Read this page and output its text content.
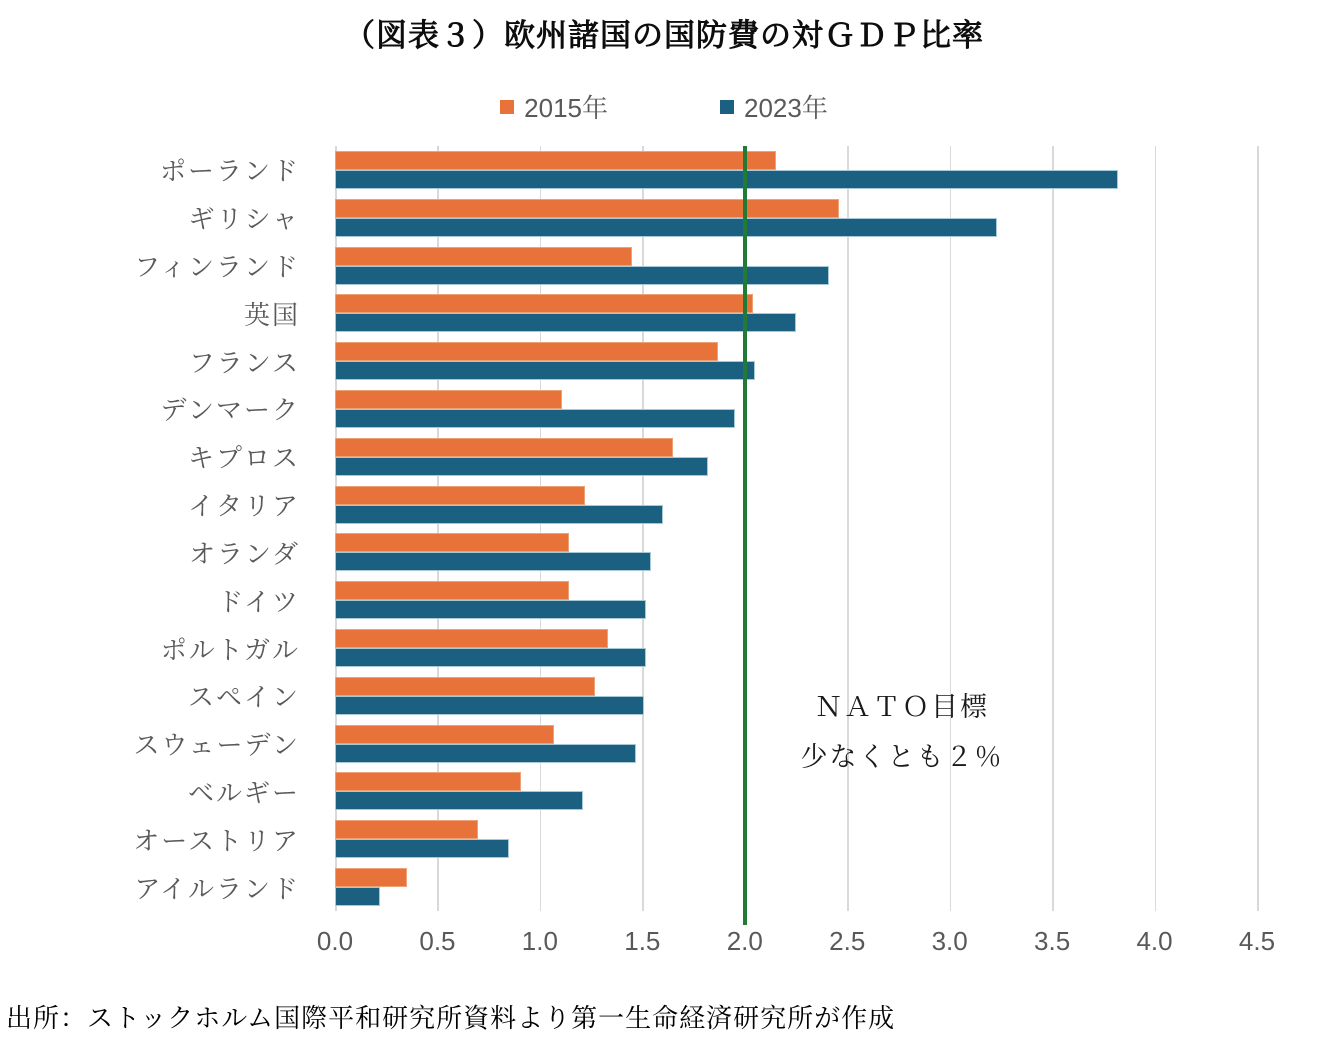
（図表３）欧州諸国の国防費の対ＧＤＰ比率
2015年	2023年
ポーランド
ギリシャ
フィンランド
英国
フランス
デンマーク
キプロス
イタリア
オランダ
ドイツ
ポルトガル
スペイン
スウェーデン
ベルギー
オーストリア
アイルランド
ＮＡＴＯ目標
少なくとも２％
0.0	0.5	1.0	1.5	2.0	2.5	3.0	3.5	4.0	4.5
出所：ストックホルム国際平和研究所資料より第一生命経済研究所が作成
